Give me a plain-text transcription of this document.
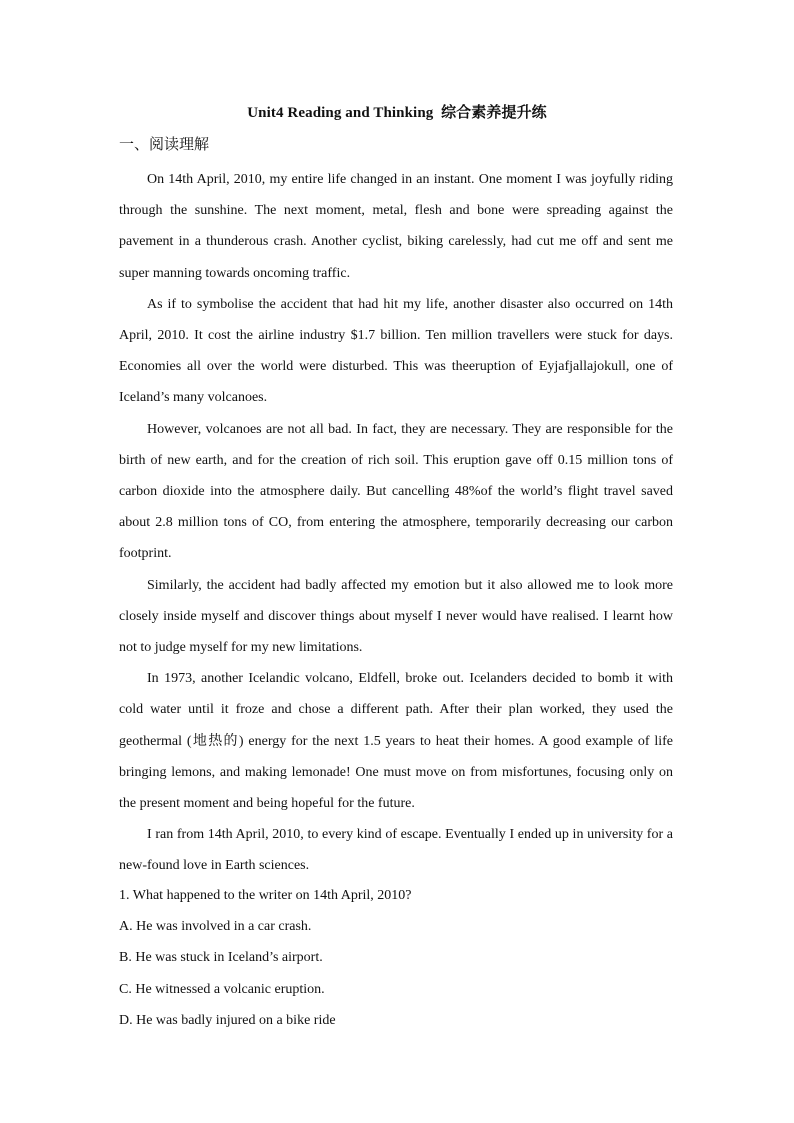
Unit4 Reading and Thinking  综合素养提升练
一、阅读理解

On 14th April, 2010, my entire life changed in an instant. One moment I was joyfully riding through the sunshine. The next moment, metal, flesh and bone were spreading against the pavement in a thunderous crash. Another cyclist, biking carelessly, had cut me off and sent me super manning towards oncoming traffic.

As if to symbolise the accident that had hit my life, another disaster also occurred on 14th April, 2010. It cost the airline industry $1.7 billion. Ten million travellers were stuck for days. Economies all over the world were disturbed. This was theeruption of Eyjafjallajokull, one of Iceland’s many volcanoes.

However, volcanoes are not all bad. In fact, they are necessary. They are responsible for the birth of new earth, and for the creation of rich soil. This eruption gave off 0.15 million tons of carbon dioxide into the atmosphere daily. But cancelling 48%of the world’s flight travel saved about 2.8 million tons of CO, from entering the atmosphere, temporarily decreasing our carbon footprint.

Similarly, the accident had badly affected my emotion but it also allowed me to look more closely inside myself and discover things about myself I never would have realised. I learnt how not to judge myself for my new limitations.

In 1973, another Icelandic volcano, Eldfell, broke out. Icelanders decided to bomb it with cold water until it froze and chose a different path. After their plan worked, they used the geothermal (地热的) energy for the next 1.5 years to heat their homes. A good example of life bringing lemons, and making lemonade! One must move on from misfortunes, focusing only on the present moment and being hopeful for the future.

I ran from 14th April, 2010, to every kind of escape. Eventually I ended up in university for a new-found love in Earth sciences.

1. What happened to the writer on 14th April, 2010?
A. He was involved in a car crash.
B. He was stuck in Iceland’s airport.
C. He witnessed a volcanic eruption.
D. He was badly injured on a bike ride
